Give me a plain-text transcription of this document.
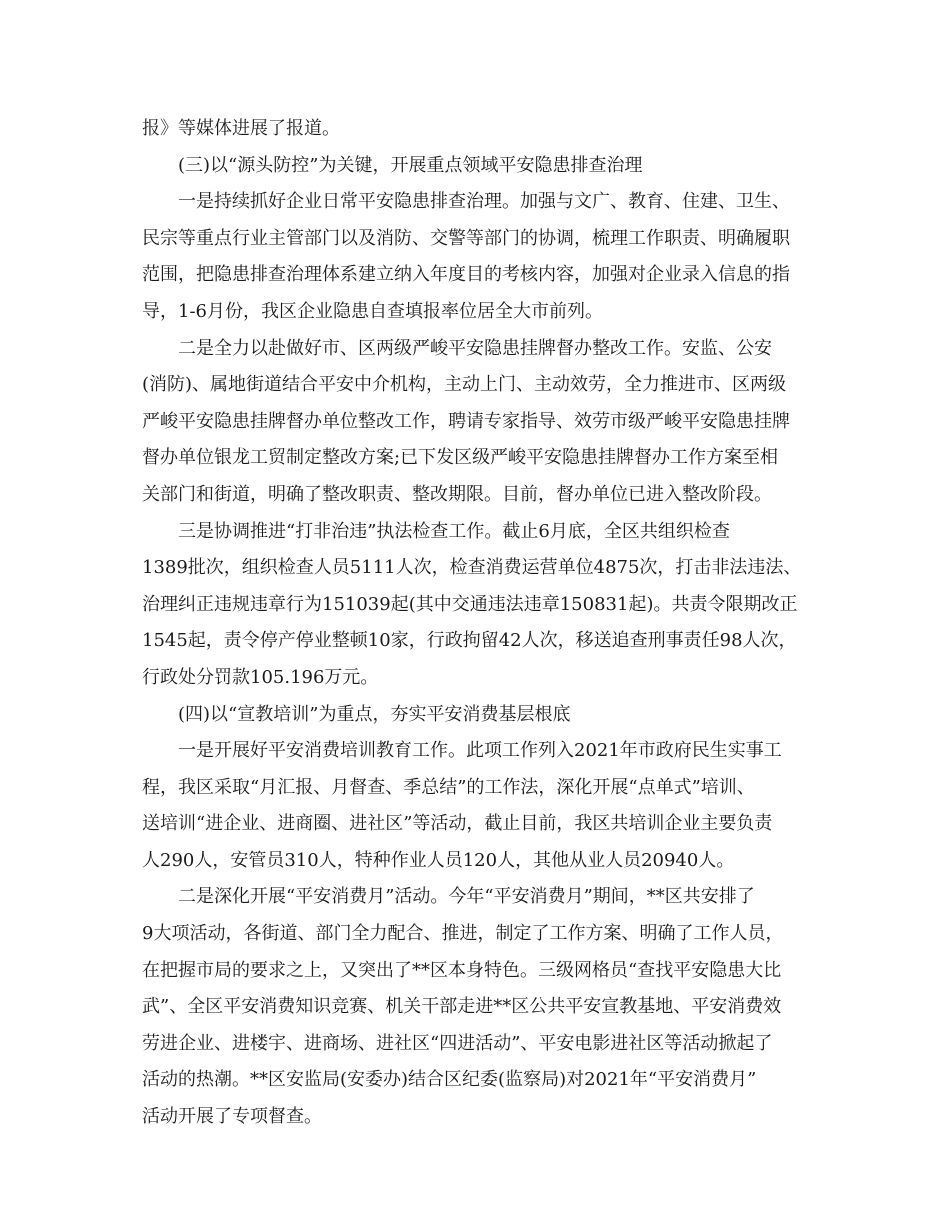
报》等媒体进展了报道。

　　(三)以“源头防控”为关键，开展重点领域平安隐患排查治理

　　一是持续抓好企业日常平安隐患排查治理。加强与文广、教育、住建、卫生、
民宗等重点行业主管部门以及消防、交警等部门的协调，梳理工作职责、明确履职
范围，把隐患排查治理体系建立纳入年度目的考核内容，加强对企业录入信息的指
导，1-6月份，我区企业隐患自查填报率位居全大市前列。

　　二是全力以赴做好市、区两级严峻平安隐患挂牌督办整改工作。安监、公安
(消防)、属地街道结合平安中介机构，主动上门、主动效劳，全力推进市、区两级
严峻平安隐患挂牌督办单位整改工作，聘请专家指导、效劳市级严峻平安隐患挂牌
督办单位银龙工贸制定整改方案;已下发区级严峻平安隐患挂牌督办工作方案至相
关部门和街道，明确了整改职责、整改期限。目前，督办单位已进入整改阶段。

　　三是协调推进“打非治违”执法检查工作。截止6月底，全区共组织检查
1389批次，组织检查人员5111人次，检查消费运营单位4875次，打击非法违法、
治理纠正违规违章行为151039起(其中交通违法违章150831起)。共责令限期改正
1545起，责令停产停业整顿10家，行政拘留42人次，移送追查刑事责任98人次，
行政处分罚款105.196万元。

　　(四)以“宣教培训”为重点，夯实平安消费基层根底

　　一是开展好平安消费培训教育工作。此项工作列入2021年市政府民生实事工
程，我区采取“月汇报、月督查、季总结”的工作法，深化开展“点单式”培训、
送培训“进企业、进商圈、进社区”等活动，截止目前，我区共培训企业主要负责
人290人，安管员310人，特种作业人员120人，其他从业人员20940人。

　　二是深化开展“平安消费月”活动。今年“平安消费月”期间，**区共安排了
9大项活动，各街道、部门全力配合、推进，制定了工作方案、明确了工作人员，
在把握市局的要求之上，又突出了**区本身特色。三级网格员“查找平安隐患大比
武”、全区平安消费知识竞赛、机关干部走进**区公共平安宣教基地、平安消费效
劳进企业、进楼宇、进商场、进社区“四进活动”、平安电影进社区等活动掀起了
活动的热潮。**区安监局(安委办)结合区纪委(监察局)对2021年“平安消费月”
活动开展了专项督查。
